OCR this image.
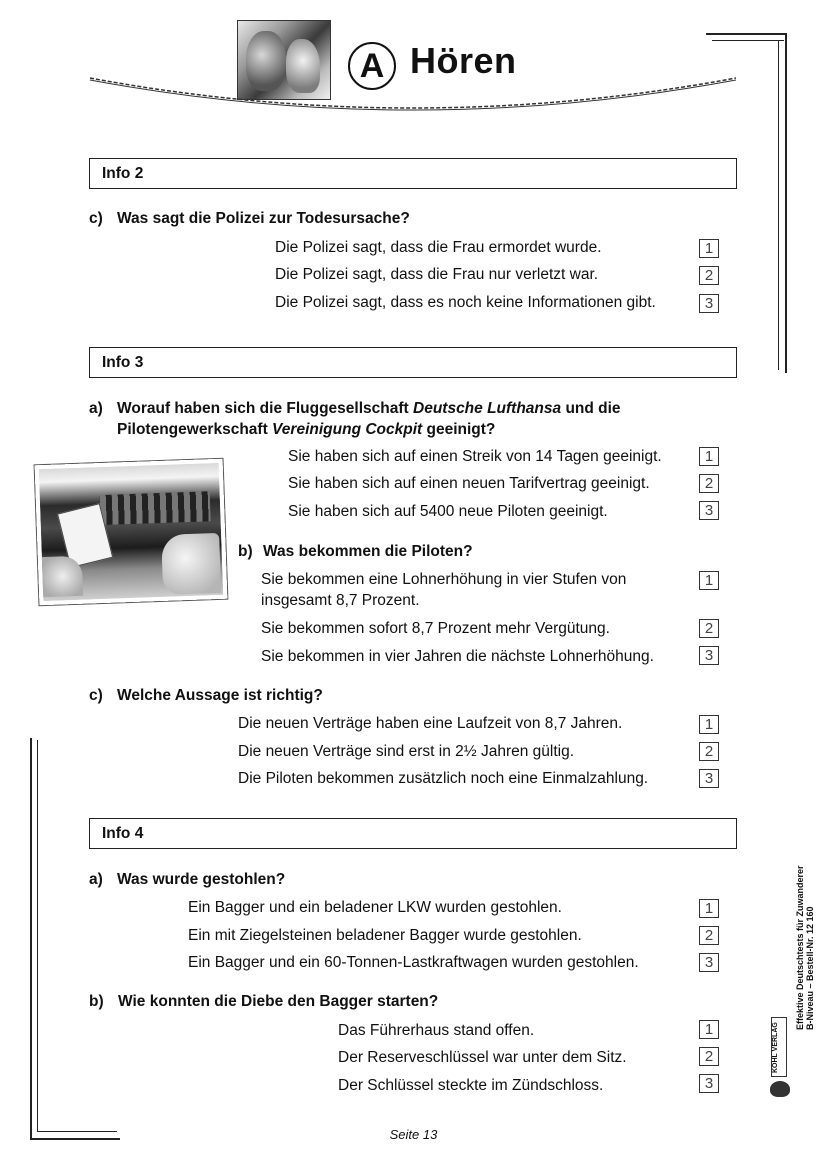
A Hören
Info 2
c) Was sagt die Polizei zur Todesursache?
Die Polizei sagt, dass die Frau ermordet wurde.	1
Die Polizei sagt, dass die Frau nur verletzt war.	2
Die Polizei sagt, dass es noch keine Informationen gibt.	3
Info 3
a) Worauf haben sich die Fluggesellschaft Deutsche Lufthansa und die
Pilotengewerkschaft Vereinigung Cockpit geeinigt?
Sie haben sich auf einen Streik von 14 Tagen geeinigt.	1
Sie haben sich auf einen neuen Tarifvertrag geeinigt.	2
Sie haben sich auf 5400 neue Piloten geeinigt.	3
b) Was bekommen die Piloten?
Sie bekommen eine Lohnerhöhung in vier Stufen von
insgesamt 8,7 Prozent.
1
Sie bekommen sofort 8,7 Prozent mehr Vergütung.	2
Sie bekommen in vier Jahren die nächste Lohnerhöhung.	3
c) Welche Aussage ist richtig?
Die neuen Verträge haben eine Laufzeit von 8,7 Jahren.	1
Die neuen Verträge sind erst in 2½ Jahren gültig.	2
Die Piloten bekommen zusätzlich noch eine Einmalzahlung.	3
Info 4
a) Was wurde gestohlen?
Ein Bagger und ein beladener LKW wurden gestohlen.	1
Ein mit Ziegelsteinen beladener Bagger wurde gestohlen.	2
Ein Bagger und ein 60-Tonnen-Lastkraftwagen wurden gestohlen.	3
b) Wie konnten die Diebe den Bagger starten?
Das Führerhaus stand offen.	1
Der Reserveschlüssel war unter dem Sitz.	2
Der Schlüssel steckte im Zündschloss.	3
Effektive Deutschtests für Zuwanderer B-Niveau – Bestell-Nr. 12 160
KOHL VERLAG
Seite 13
